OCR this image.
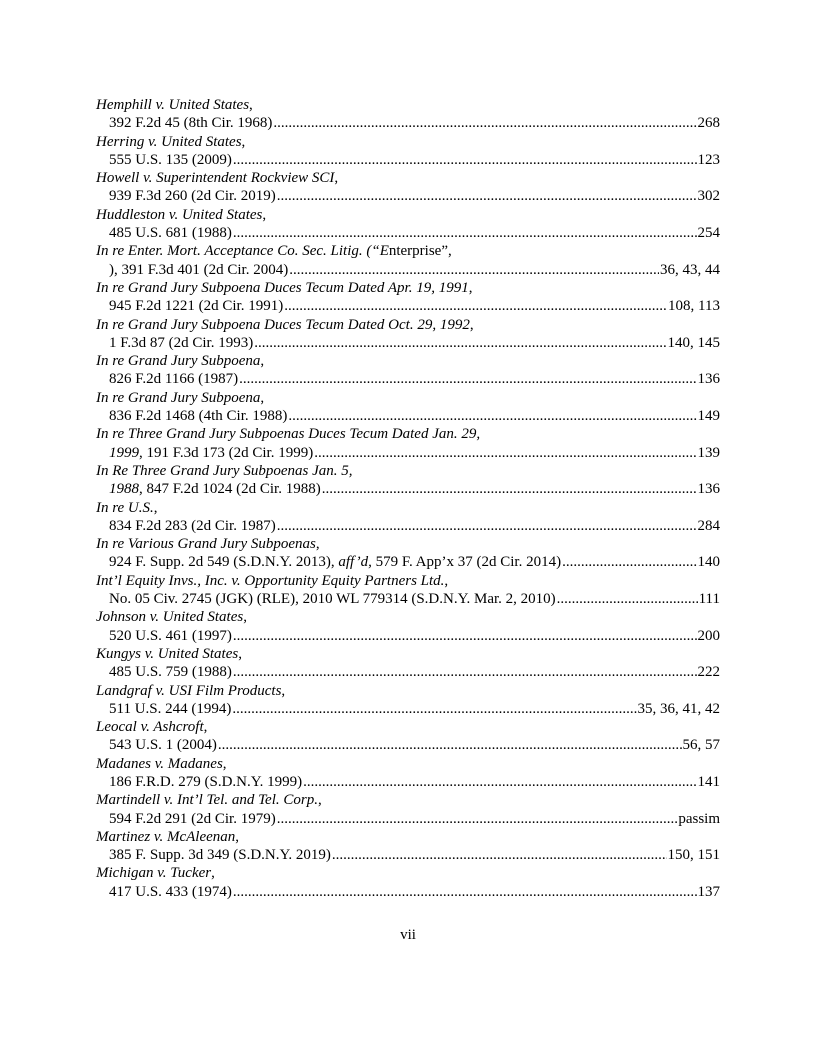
Hemphill v. United States,
392 F.2d 45 (8th Cir. 1968) .....	268
Herring v. United States,
555 U.S. 135 (2009) .....	123
Howell v. Superintendent Rockview SCI,
939 F.3d 260 (2d Cir. 2019) .....	302
Huddleston v. United States,
485 U.S. 681 (1988) .....	254
In re Enter. Mort. Acceptance Co. Sec. Litig. (“Enterprise”,
), 391 F.3d 401 (2d Cir. 2004) .....	36, 43, 44
In re Grand Jury Subpoena Duces Tecum Dated Apr. 19, 1991,
945 F.2d 1221 (2d Cir. 1991) .....	108, 113
In re Grand Jury Subpoena Duces Tecum Dated Oct. 29, 1992,
1 F.3d 87 (2d Cir. 1993) .....	140, 145
In re Grand Jury Subpoena,
826 F.2d 1166 (1987) .....	136
In re Grand Jury Subpoena,
836 F.2d 1468 (4th Cir. 1988) .....	149
In re Three Grand Jury Subpoenas Duces Tecum Dated Jan. 29,
1999, 191 F.3d 173 (2d Cir. 1999) .....	139
In Re Three Grand Jury Subpoenas Jan. 5,
1988, 847 F.2d 1024 (2d Cir. 1988) .....	136
In re U.S.,
834 F.2d 283 (2d Cir. 1987) .....	284
In re Various Grand Jury Subpoenas,
924 F. Supp. 2d 549 (S.D.N.Y. 2013), aff’d, 579 F. App’x 37 (2d Cir. 2014) .....	140
Int’l Equity Invs., Inc. v. Opportunity Equity Partners Ltd.,
No. 05 Civ. 2745 (JGK) (RLE), 2010 WL 779314 (S.D.N.Y. Mar. 2, 2010) .....	111
Johnson v. United States,
520 U.S. 461 (1997) .....	200
Kungys v. United States,
485 U.S. 759 (1988) .....	222
Landgraf v. USI Film Products,
511 U.S. 244 (1994) .....	35, 36, 41, 42
Leocal v. Ashcroft,
543 U.S. 1 (2004) .....	56, 57
Madanes v. Madanes,
186 F.R.D. 279 (S.D.N.Y. 1999) .....	141
Martindell v. Int’l Tel. and Tel. Corp.,
594 F.2d 291 (2d Cir. 1979) .....	passim
Martinez v. McAleenan,
385 F. Supp. 3d 349 (S.D.N.Y. 2019) .....	150, 151
Michigan v. Tucker,
417 U.S. 433 (1974) .....	137
vii
